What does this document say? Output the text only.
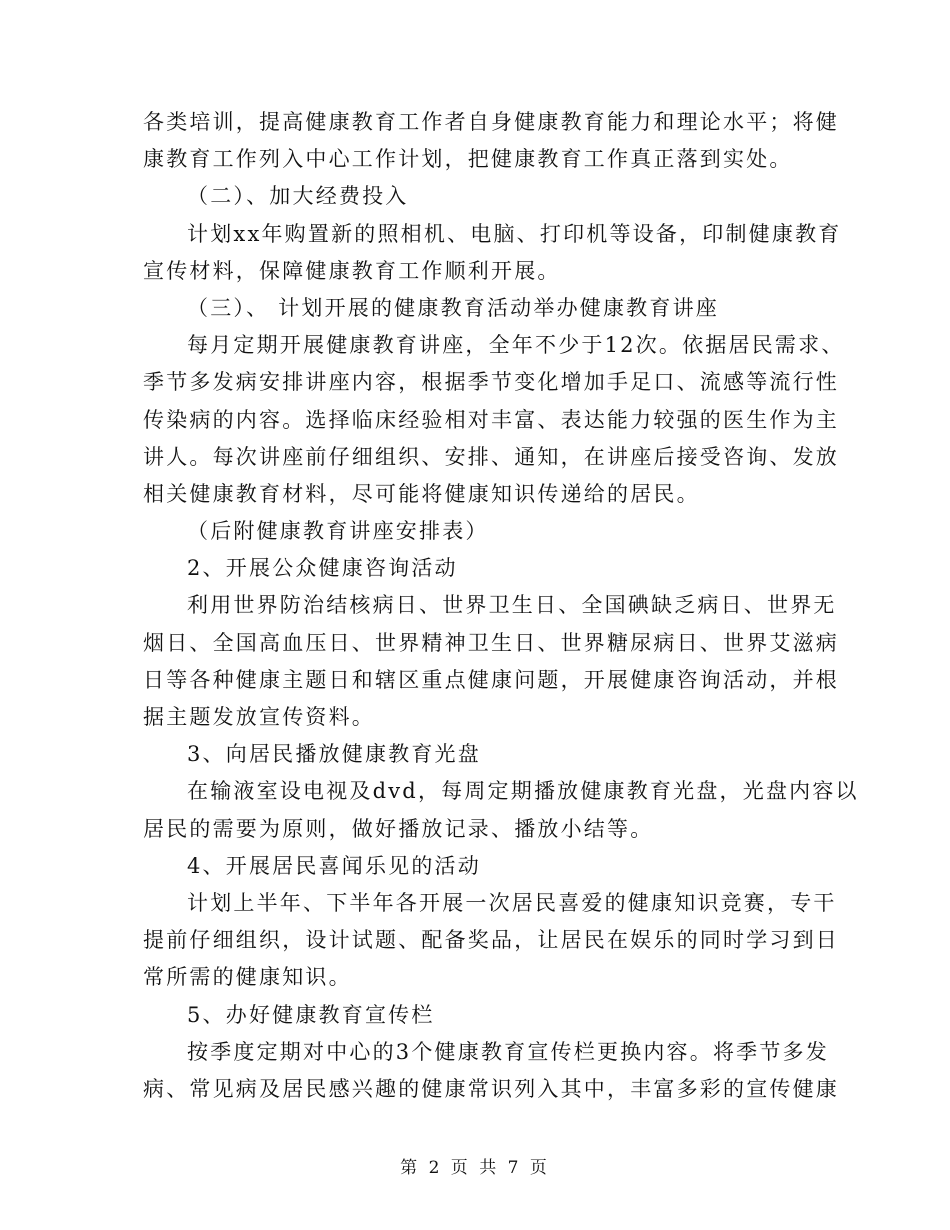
各类培训，提高健康教育工作者自身健康教育能力和理论水平；将健
康教育工作列入中心工作计划，把健康教育工作真正落到实处。
（二）、加大经费投入
计划xx年购置新的照相机、电脑、打印机等设备，印制健康教育
宣传材料，保障健康教育工作顺利开展。
（三）、 计划开展的健康教育活动举办健康教育讲座
每月定期开展健康教育讲座，全年不少于12次。依据居民需求、
季节多发病安排讲座内容，根据季节变化增加手足口、流感等流行性
传染病的内容。选择临床经验相对丰富、表达能力较强的医生作为主
讲人。每次讲座前仔细组织、安排、通知，在讲座后接受咨询、发放
相关健康教育材料，尽可能将健康知识传递给的居民。
（后附健康教育讲座安排表）
2、开展公众健康咨询活动
利用世界防治结核病日、世界卫生日、全国碘缺乏病日、世界无
烟日、全国高血压日、世界精神卫生日、世界糖尿病日、世界艾滋病
日等各种健康主题日和辖区重点健康问题，开展健康咨询活动，并根
据主题发放宣传资料。
3、向居民播放健康教育光盘
在输液室设电视及dvd，每周定期播放健康教育光盘，光盘内容以
居民的需要为原则，做好播放记录、播放小结等。
4、开展居民喜闻乐见的活动
计划上半年、下半年各开展一次居民喜爱的健康知识竞赛，专干
提前仔细组织，设计试题、配备奖品，让居民在娱乐的同时学习到日
常所需的健康知识。
5、办好健康教育宣传栏
按季度定期对中心的3个健康教育宣传栏更换内容。将季节多发
病、常见病及居民感兴趣的健康常识列入其中，丰富多彩的宣传健康
第 2 页 共 7 页
